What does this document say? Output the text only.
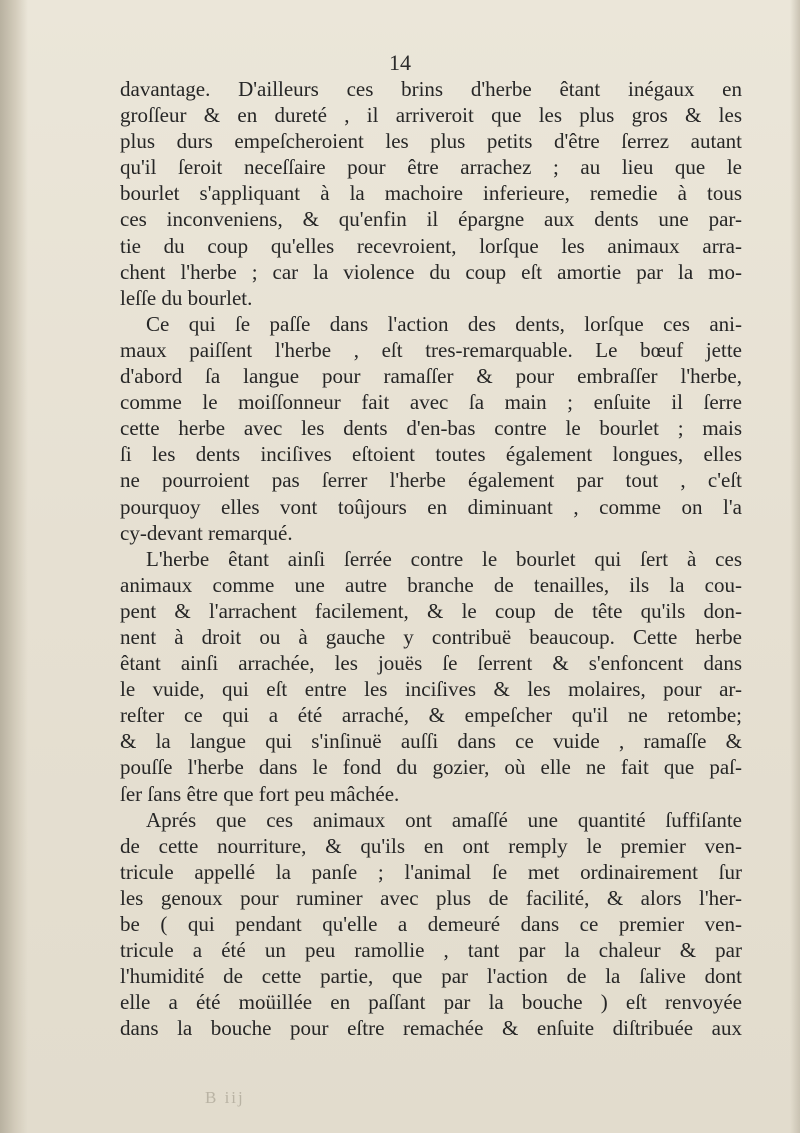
14
davantage. D'ailleurs ces brins d'herbe êtant inégaux en
groſſeur & en dureté , il arriveroit que les plus gros & les
plus durs empeſcheroient les plus petits d'être ſerrez autant
qu'il ſeroit neceſſaire pour être arrachez ; au lieu que le
bourlet s'appliquant à la machoire inferieure, remedie à tous
ces inconveniens, & qu'enfin il épargne aux dents une par-
tie du coup qu'elles recevroient, lorſque les animaux arra-
chent l'herbe ; car la violence du coup eſt amortie par la mo-
leſſe du bourlet.
Ce qui ſe paſſe dans l'action des dents, lorſque ces ani-
maux paiſſent l'herbe , eſt tres-remarquable. Le bœuf jette
d'abord ſa langue pour ramaſſer & pour embraſſer l'herbe,
comme le moiſſonneur fait avec ſa main ; enſuite il ſerre
cette herbe avec les dents d'en-bas contre le bourlet ; mais
ſi les dents inciſives eſtoient toutes également longues, elles
ne pourroient pas ſerrer l'herbe également par tout , c'eſt
pourquoy elles vont toûjours en diminuant , comme on l'a
cy-devant remarqué.
L'herbe êtant ainſi ſerrée contre le bourlet qui ſert à ces
animaux comme une autre branche de tenailles, ils la cou-
pent & l'arrachent facilement, & le coup de tête qu'ils don-
nent à droit ou à gauche y contribuë beaucoup. Cette herbe
êtant ainſi arrachée, les jouës ſe ſerrent & s'enfoncent dans
le vuide, qui eſt entre les inciſives & les molaires, pour ar-
reſter ce qui a été arraché, & empeſcher qu'il ne retombe;
& la langue qui s'inſinuë auſſi dans ce vuide , ramaſſe &
pouſſe l'herbe dans le fond du gozier, où elle ne fait que paſ-
ſer ſans être que fort peu mâchée.
Aprés que ces animaux ont amaſſé une quantité ſuffiſante
de cette nourriture, & qu'ils en ont remply le premier ven-
tricule appellé la panſe ; l'animal ſe met ordinairement ſur
les genoux pour ruminer avec plus de facilité, & alors l'her-
be ( qui pendant qu'elle a demeuré dans ce premier ven-
tricule a été un peu ramollie , tant par la chaleur & par
l'humidité de cette partie, que par l'action de la ſalive dont
elle a été moüillée en paſſant par la bouche ) eſt renvoyée
dans la bouche pour eſtre remachée & enſuite diſtribuée aux
B iij
